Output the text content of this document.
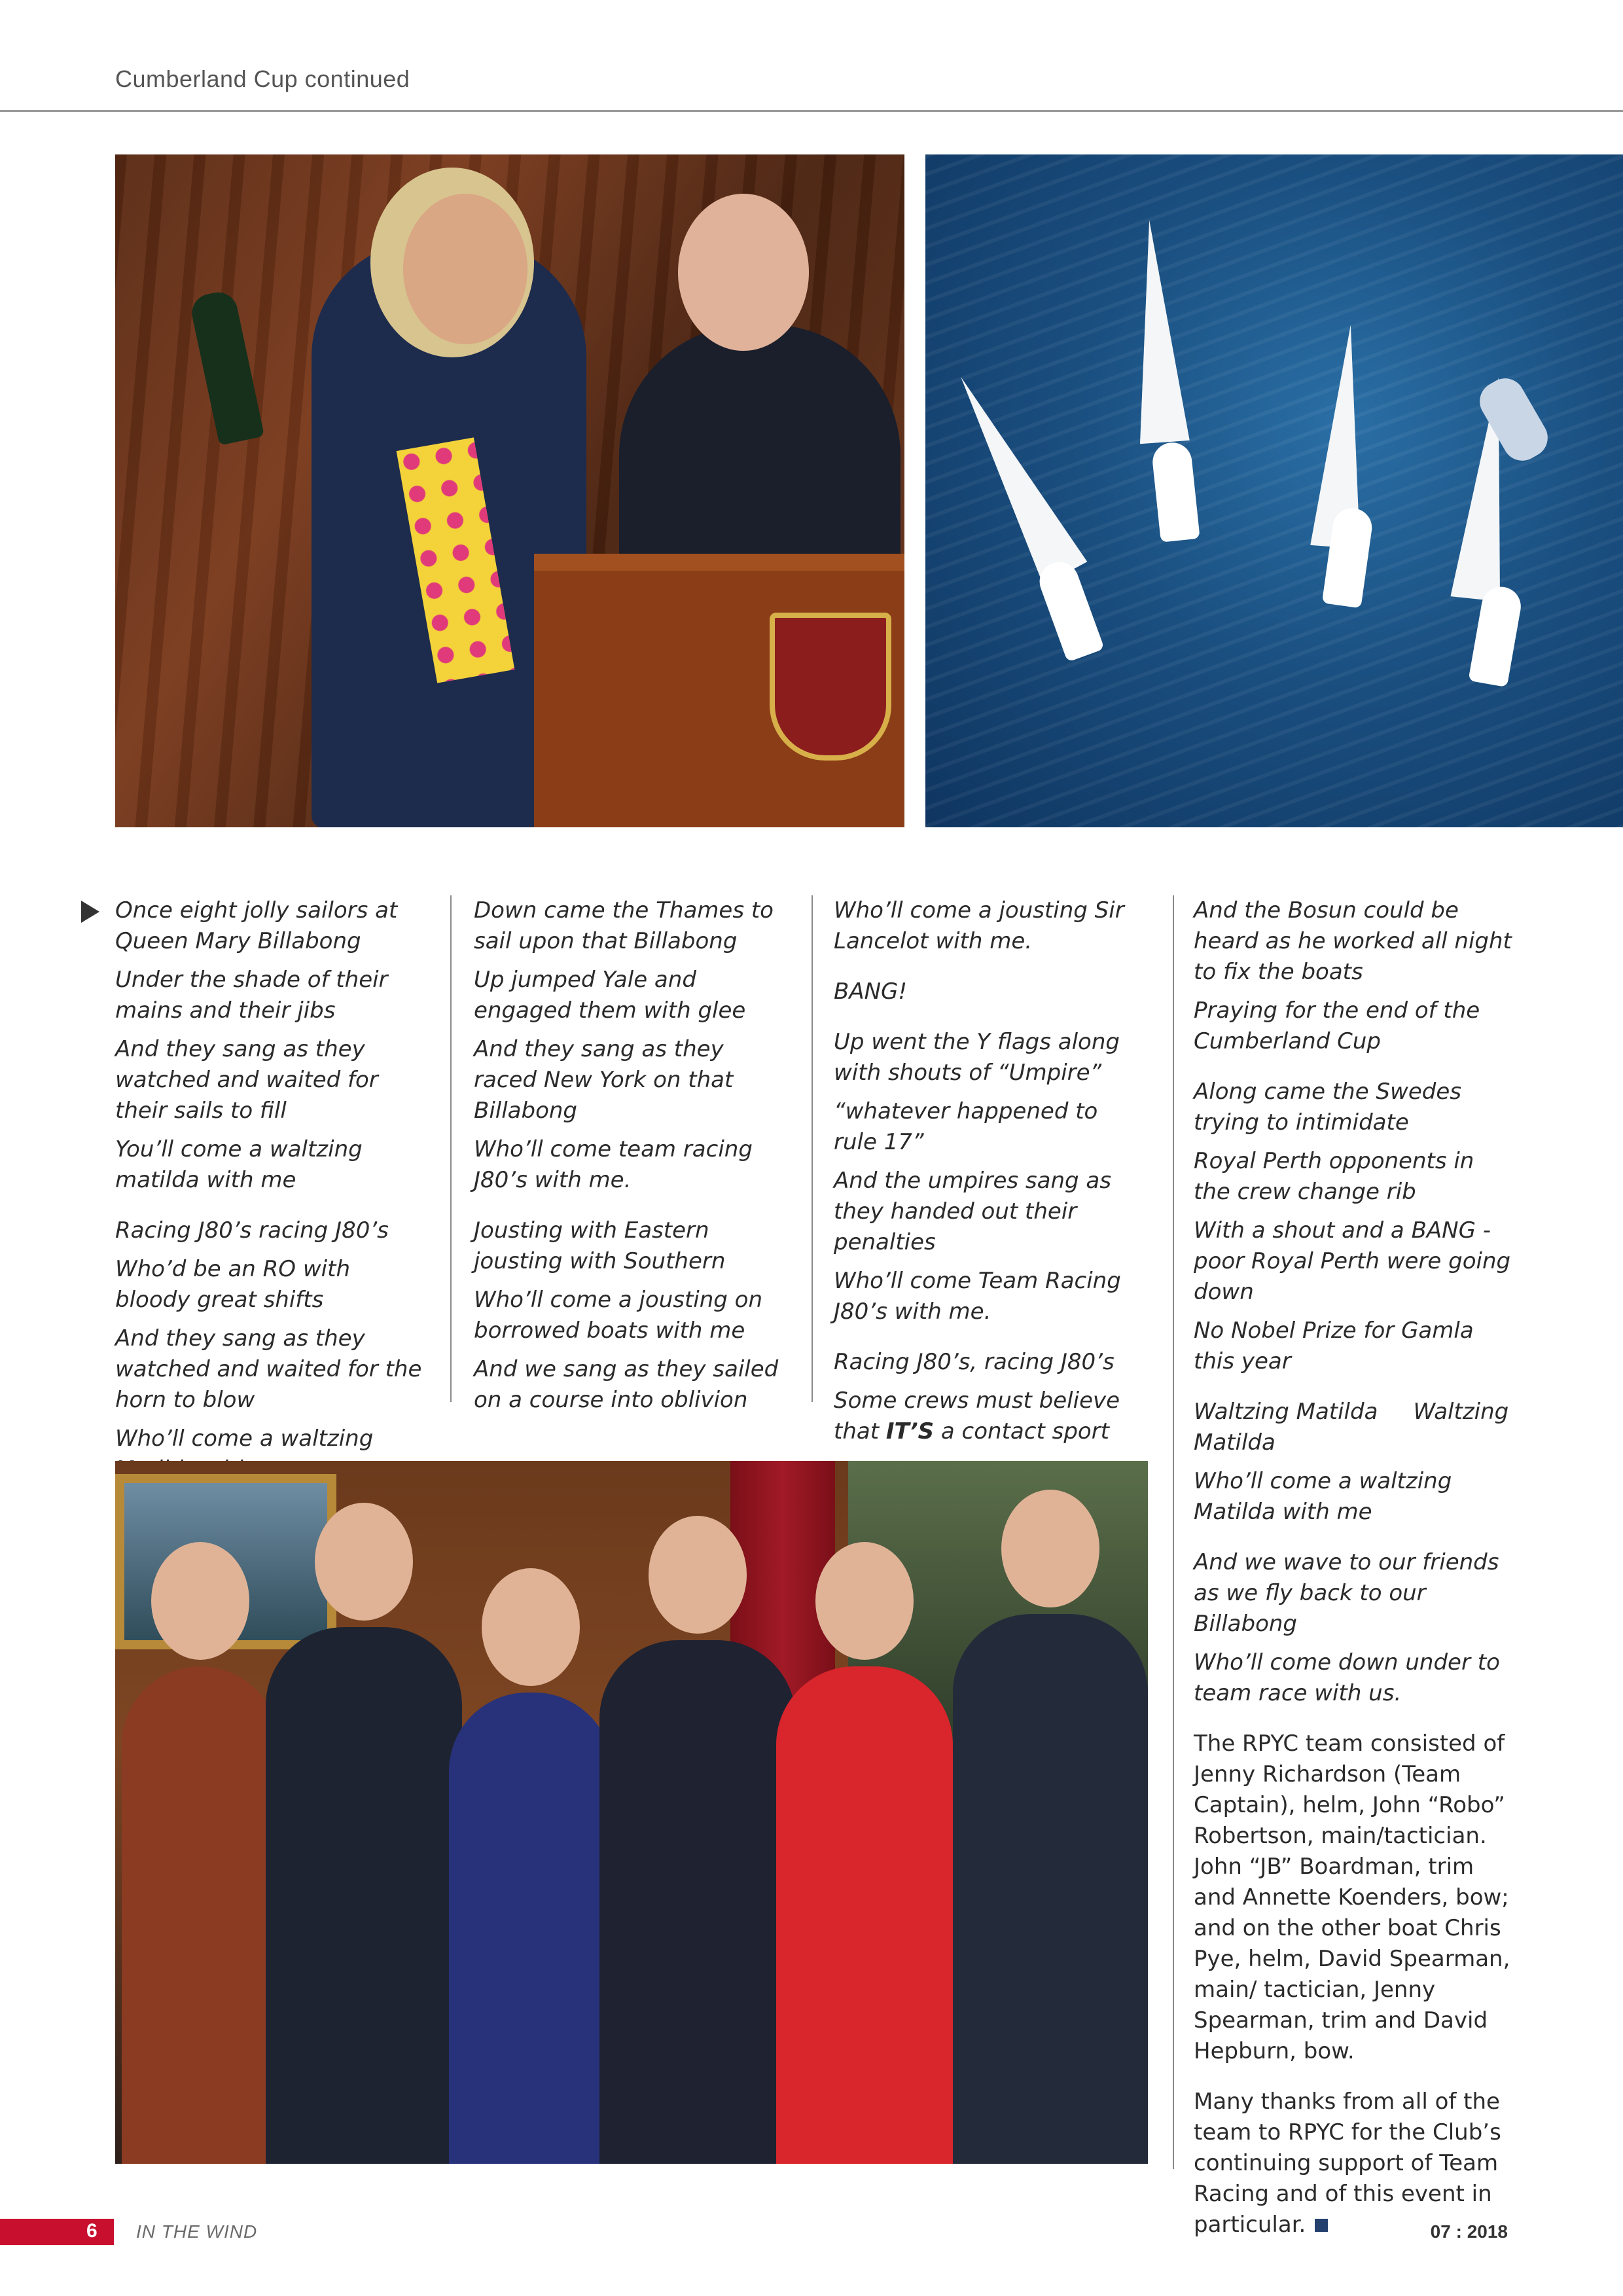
Cumberland Cup continued

Once eight jolly sailors at Queen Mary Billabong

Under the shade of their mains and their jibs

And they sang as they watched and waited for their sails to fill

You’ll come a waltzing matilda with me

Racing J80’s racing J80’s

Who’d be an RO with bloody great shifts

And they sang as they watched and waited for the horn to blow

Who’ll come a waltzing

Down came the Thames to sail upon that Billabong

Up jumped Yale and engaged them with glee

And they sang as they raced New York on that Billabong

Who’ll come team racing J80’s with me.

Jousting with Eastern jousting with Southern

Who’ll come a jousting on borrowed boats with me

And we sang as they sailed on a course into oblivion

Who’ll come a jousting Sir Lancelot with me.

BANG!

Up went the Y flags along with shouts of “Umpire”

“whatever happened to rule 17”

And the umpires sang as they handed out their penalties

Who’ll come Team Racing J80’s with me.

Racing J80’s, racing J80’s

Some crews must believe that IT’S a contact sport

And the Bosun could be heard as he worked all night to fix the boats

Praying for the end of the Cumberland Cup

Along came the Swedes trying to intimidate

Royal Perth opponents in the crew change rib

With a shout and a BANG - poor Royal Perth were going down

No Nobel Prize for Gamla this year

Waltzing Matilda     Waltzing Matilda

Who’ll come a waltzing Matilda with me

And we wave to our friends as we fly back to our Billabong

Who’ll come down under to team race with us.

The RPYC team consisted of Jenny Richardson (Team Captain), helm, John “Robo” Robertson, main/tactician. John “JB” Boardman, trim and Annette Koenders, bow; and on the other boat Chris Pye, helm, David Spearman, main/ tactician, Jenny Spearman, trim and David Hepburn, bow.

Many thanks from all of the team to RPYC for the Club’s continuing support of Team Racing and of this event in particular.

6 IN THE WIND	07 : 2018
